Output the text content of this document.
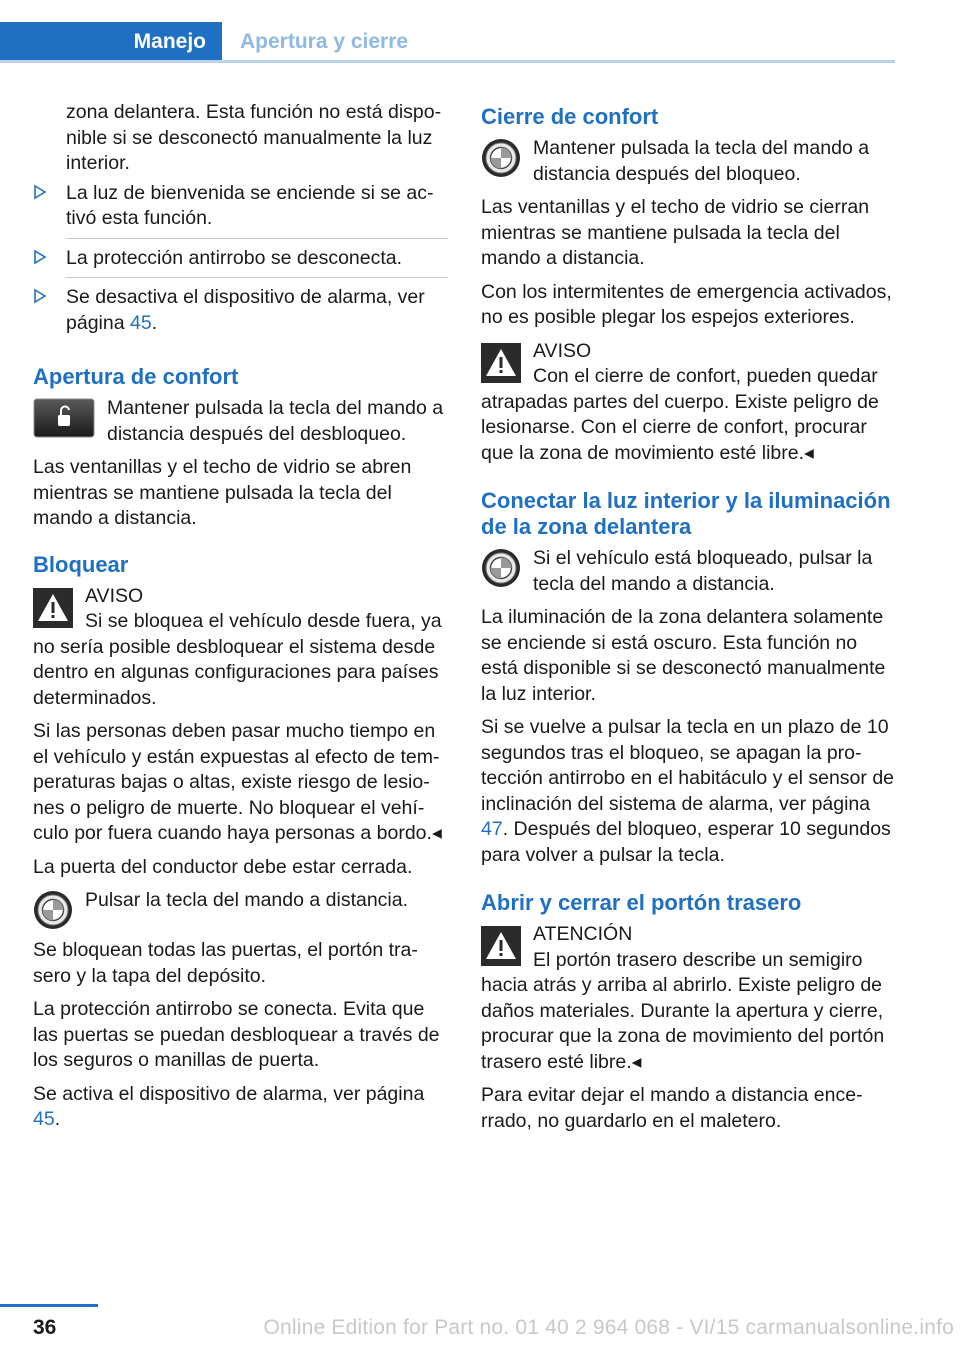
Manejo Apertura y cierre

zona delantera. Esta función no está disponible si se desconectó manualmente la luz interior.

La luz de bienvenida se enciende si se activó esta función.
La protección antirrobo se desconecta.
Se desactiva el dispositivo de alarma, ver página 45.
Apertura de confort
Mantener pulsada la tecla del mando a distancia después del desbloqueo.

Las ventanillas y el techo de vidrio se abren mientras se mantiene pulsada la tecla del mando a distancia.

Bloquear
AVISO
Si se bloquea el vehículo desde fuera, ya no sería posible desbloquear el sistema desde dentro en algunas configuraciones para países determinados.

Si las personas deben pasar mucho tiempo en el vehículo y están expuestas al efecto de temperaturas bajas o altas, existe riesgo de lesiones o peligro de muerte. No bloquear el vehículo por fuera cuando haya personas a bordo.◂

La puerta del conductor debe estar cerrada.

Pulsar la tecla del mando a distancia.

Se bloquean todas las puertas, el portón trasero y la tapa del depósito.

La protección antirrobo se conecta. Evita que las puertas se puedan desbloquear a través de los seguros o manillas de puerta.

Se activa el dispositivo de alarma, ver página 45.

Cierre de confort
Mantener pulsada la tecla del mando a distancia después del bloqueo.

Las ventanillas y el techo de vidrio se cierran mientras se mantiene pulsada la tecla del mando a distancia.

Con los intermitentes de emergencia activados, no es posible plegar los espejos exteriores.

AVISO
Con el cierre de confort, pueden quedar atrapadas partes del cuerpo. Existe peligro de lesionarse. Con el cierre de confort, procurar que la zona de movimiento esté libre.◂
Conectar la luz interior y la iluminación de la zona delantera
Si el vehículo está bloqueado, pulsar la tecla del mando a distancia.

La iluminación de la zona delantera solamente se enciende si está oscuro. Esta función no está disponible si se desconectó manualmente la luz interior.

Si se vuelve a pulsar la tecla en un plazo de 10 segundos tras el bloqueo, se apagan la protección antirrobo en el habitáculo y el sensor de inclinación del sistema de alarma, ver página 47. Después del bloqueo, esperar 10 segundos para volver a pulsar la tecla.

Abrir y cerrar el portón trasero
ATENCIÓN
El portón trasero describe un semigiro hacia atrás y arriba al abrirlo. Existe peligro de daños materiales. Durante la apertura y cierre, procurar que la zona de movimiento del portón trasero esté libre.◂

Para evitar dejar el mando a distancia encerrado, no guardarlo en el maletero.

36	Online Edition for Part no. 01 40 2 964 068 - VI/15 carmanualsonline.info
